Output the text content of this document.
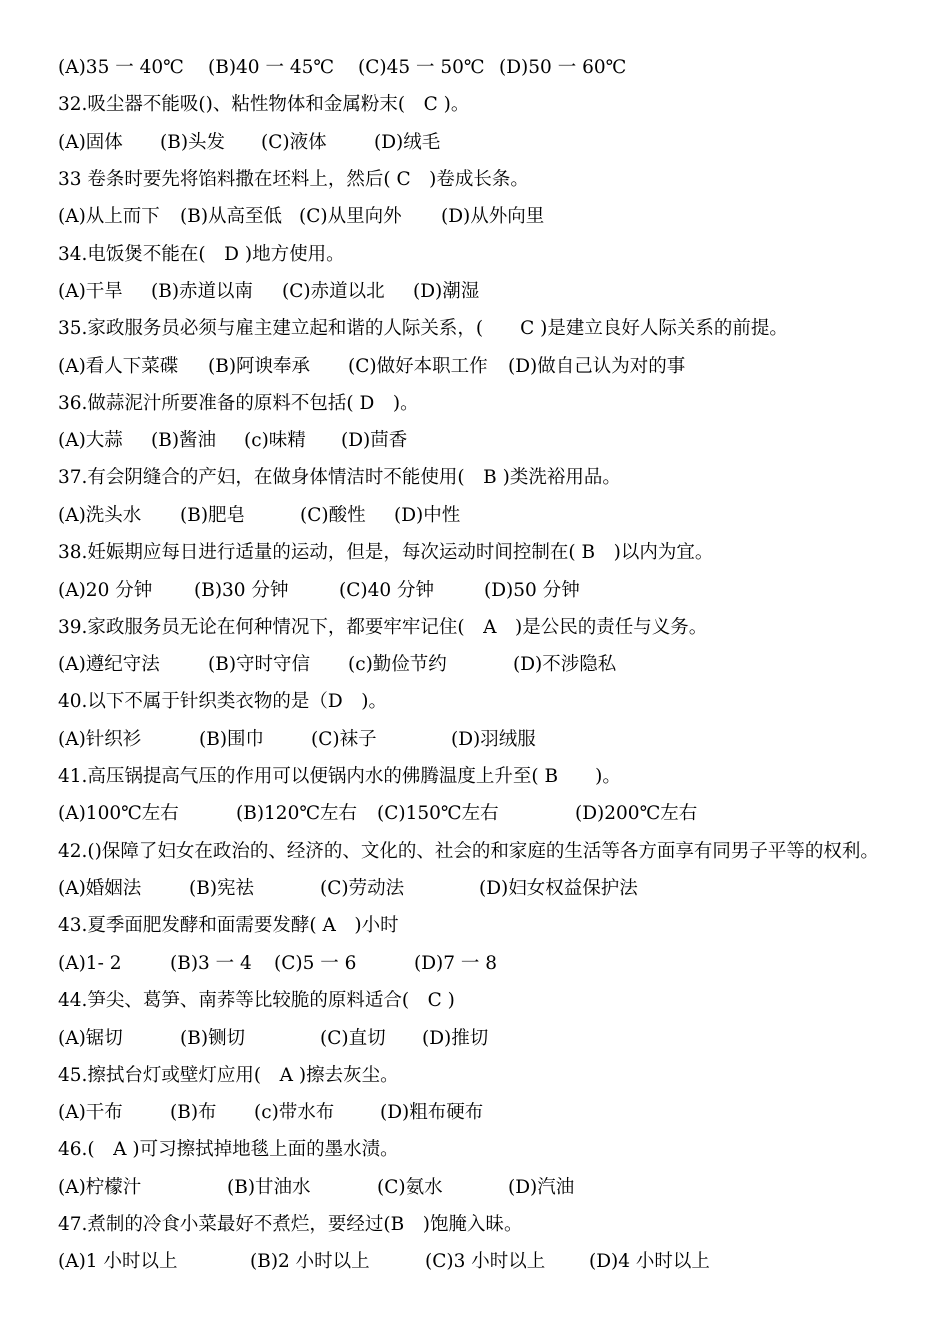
(A)35 一 40℃ (B)40 一 45℃ (C)45 一 50℃ (D)50 一 60℃
32.吸尘器不能吸()、粘性物体和金属粉末(　C )。
(A)固体 (B)头发 (C)液体	(D)绒毛
33 卷条时要先将馅料撒在坯料上，然后( C　)卷成长条。
(A)从上而下 (B)从高至低 (C)从里向外 (D)从外向里
34.电饭煲不能在(　D )地方使用。
(A)干旱 (B)赤道以南 (C)赤道以北 (D)潮湿
35.家政服务员必须与雇主建立起和谐的人际关系，(　　C )是建立良好人际关系的前提。
(A)看人下菜碟 (B)阿谀奉承 (C)做好本职工作 (D)做自己认为对的事
36.做蒜泥汁所要准备的原料不包括( D　)。
(A)大蒜 (B)酱油 (c)味精 (D)茴香
37.有会阴缝合的产妇，在做身体情洁时不能使用(　B )类洗裕用品。
(A)洗头水 (B)肥皂	(C)酸性 (D)中性
38.妊娠期应每日进行适量的运动，但是，每次运动时间控制在( B　)以内为宜。
(A)20 分钟 (B)30 分钟	(C)40 分钟	(D)50 分钟
39.家政服务员无论在何种情况下，都要牢牢记住(　A　)是公民的责任与义务。
(A)遵纪守法	(B)守时守信 (c)勤俭节约	(D)不涉隐私
40.以下不属于针织类衣物的是（D　)。
(A)针织衫	(B)围巾	(C)袜子	(D)羽绒服
41.高压锅提高气压的作用可以便锅内水的佛腾温度上升至( B　　)。
(A)100℃左右	(B)120℃左右 (C)150℃左右	(D)200℃左右
42.()保障了妇女在政治的、经济的、文化的、社会的和家庭的生活等各方面享有同男子平等的权利。
(A)婚姻法	(B)宪祛	(C)劳动法	(D)妇女权益保护法
43.夏季面肥发酵和面需要发酵( A　)小时
(A)1- 2	(B)3 一 4 (C)5 一 6	(D)7 一 8
44.笋尖、葛笋、南荞等比较脆的原料适合(　C )
(A)锯切	(B)铡切	(C)直切 (D)推切
45.擦拭台灯或壁灯应用(　A )擦去灰尘。
(A)干布	(B)布 (c)带水布 (D)粗布硬布
46.(　A )可习擦拭掉地毯上面的墨水渍。
(A)柠檬汁	(B)甘油水	(C)氨水	(D)汽油
47.煮制的冷食小菜最好不煮烂，要经过(B　)饱腌入昧。
(A)1 小时以上	(B)2 小时以上	(C)3 小时以上 (D)4 小时以上
